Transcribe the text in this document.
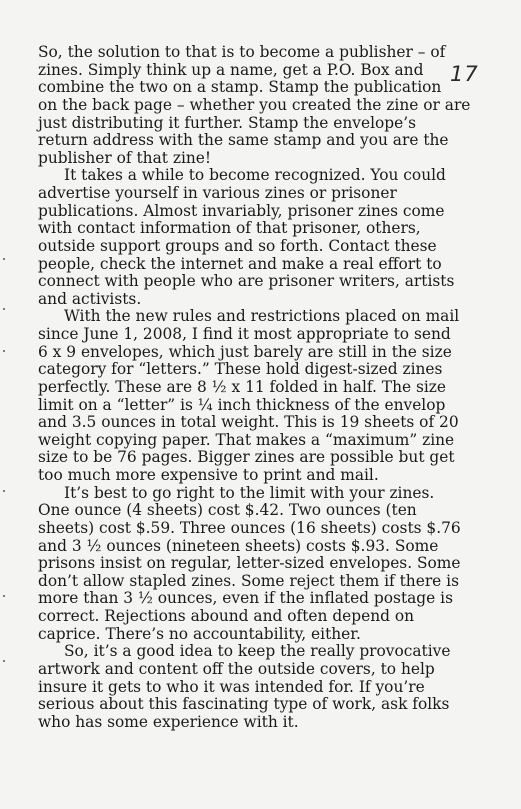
17
So, the solution to that is to become a publisher – of
zines. Simply think up a name, get a P.O. Box and
combine the two on a stamp. Stamp the publication
on the back page – whether you created the zine or are
just distributing it further. Stamp the envelope’s
return address with the same stamp and you are the
publisher of that zine!
It takes a while to become recognized. You could
advertise yourself in various zines or prisoner
publications. Almost invariably, prisoner zines come
with contact information of that prisoner, others,
outside support groups and so forth. Contact these
people, check the internet and make a real effort to
connect with people who are prisoner writers, artists
and activists.
With the new rules and restrictions placed on mail
since June 1, 2008, I find it most appropriate to send
6 x 9 envelopes, which just barely are still in the size
category for “letters.” These hold digest-sized zines
perfectly. These are 8 ½ x 11 folded in half. The size
limit on a “letter” is ¼ inch thickness of the envelop
and 3.5 ounces in total weight. This is 19 sheets of 20
weight copying paper. That makes a “maximum” zine
size to be 76 pages. Bigger zines are possible but get
too much more expensive to print and mail.
It’s best to go right to the limit with your zines.
One ounce (4 sheets) cost $.42. Two ounces (ten
sheets) cost $.59. Three ounces (16 sheets) costs $.76
and 3 ½ ounces (nineteen sheets) costs $.93. Some
prisons insist on regular, letter-sized envelopes. Some
don’t allow stapled zines. Some reject them if there is
more than 3 ½ ounces, even if the inflated postage is
correct. Rejections abound and often depend on
caprice. There’s no accountability, either.
So, it’s a good idea to keep the really provocative
artwork and content off the outside covers, to help
insure it gets to who it was intended for. If you’re
serious about this fascinating type of work, ask folks
who has some experience with it.
